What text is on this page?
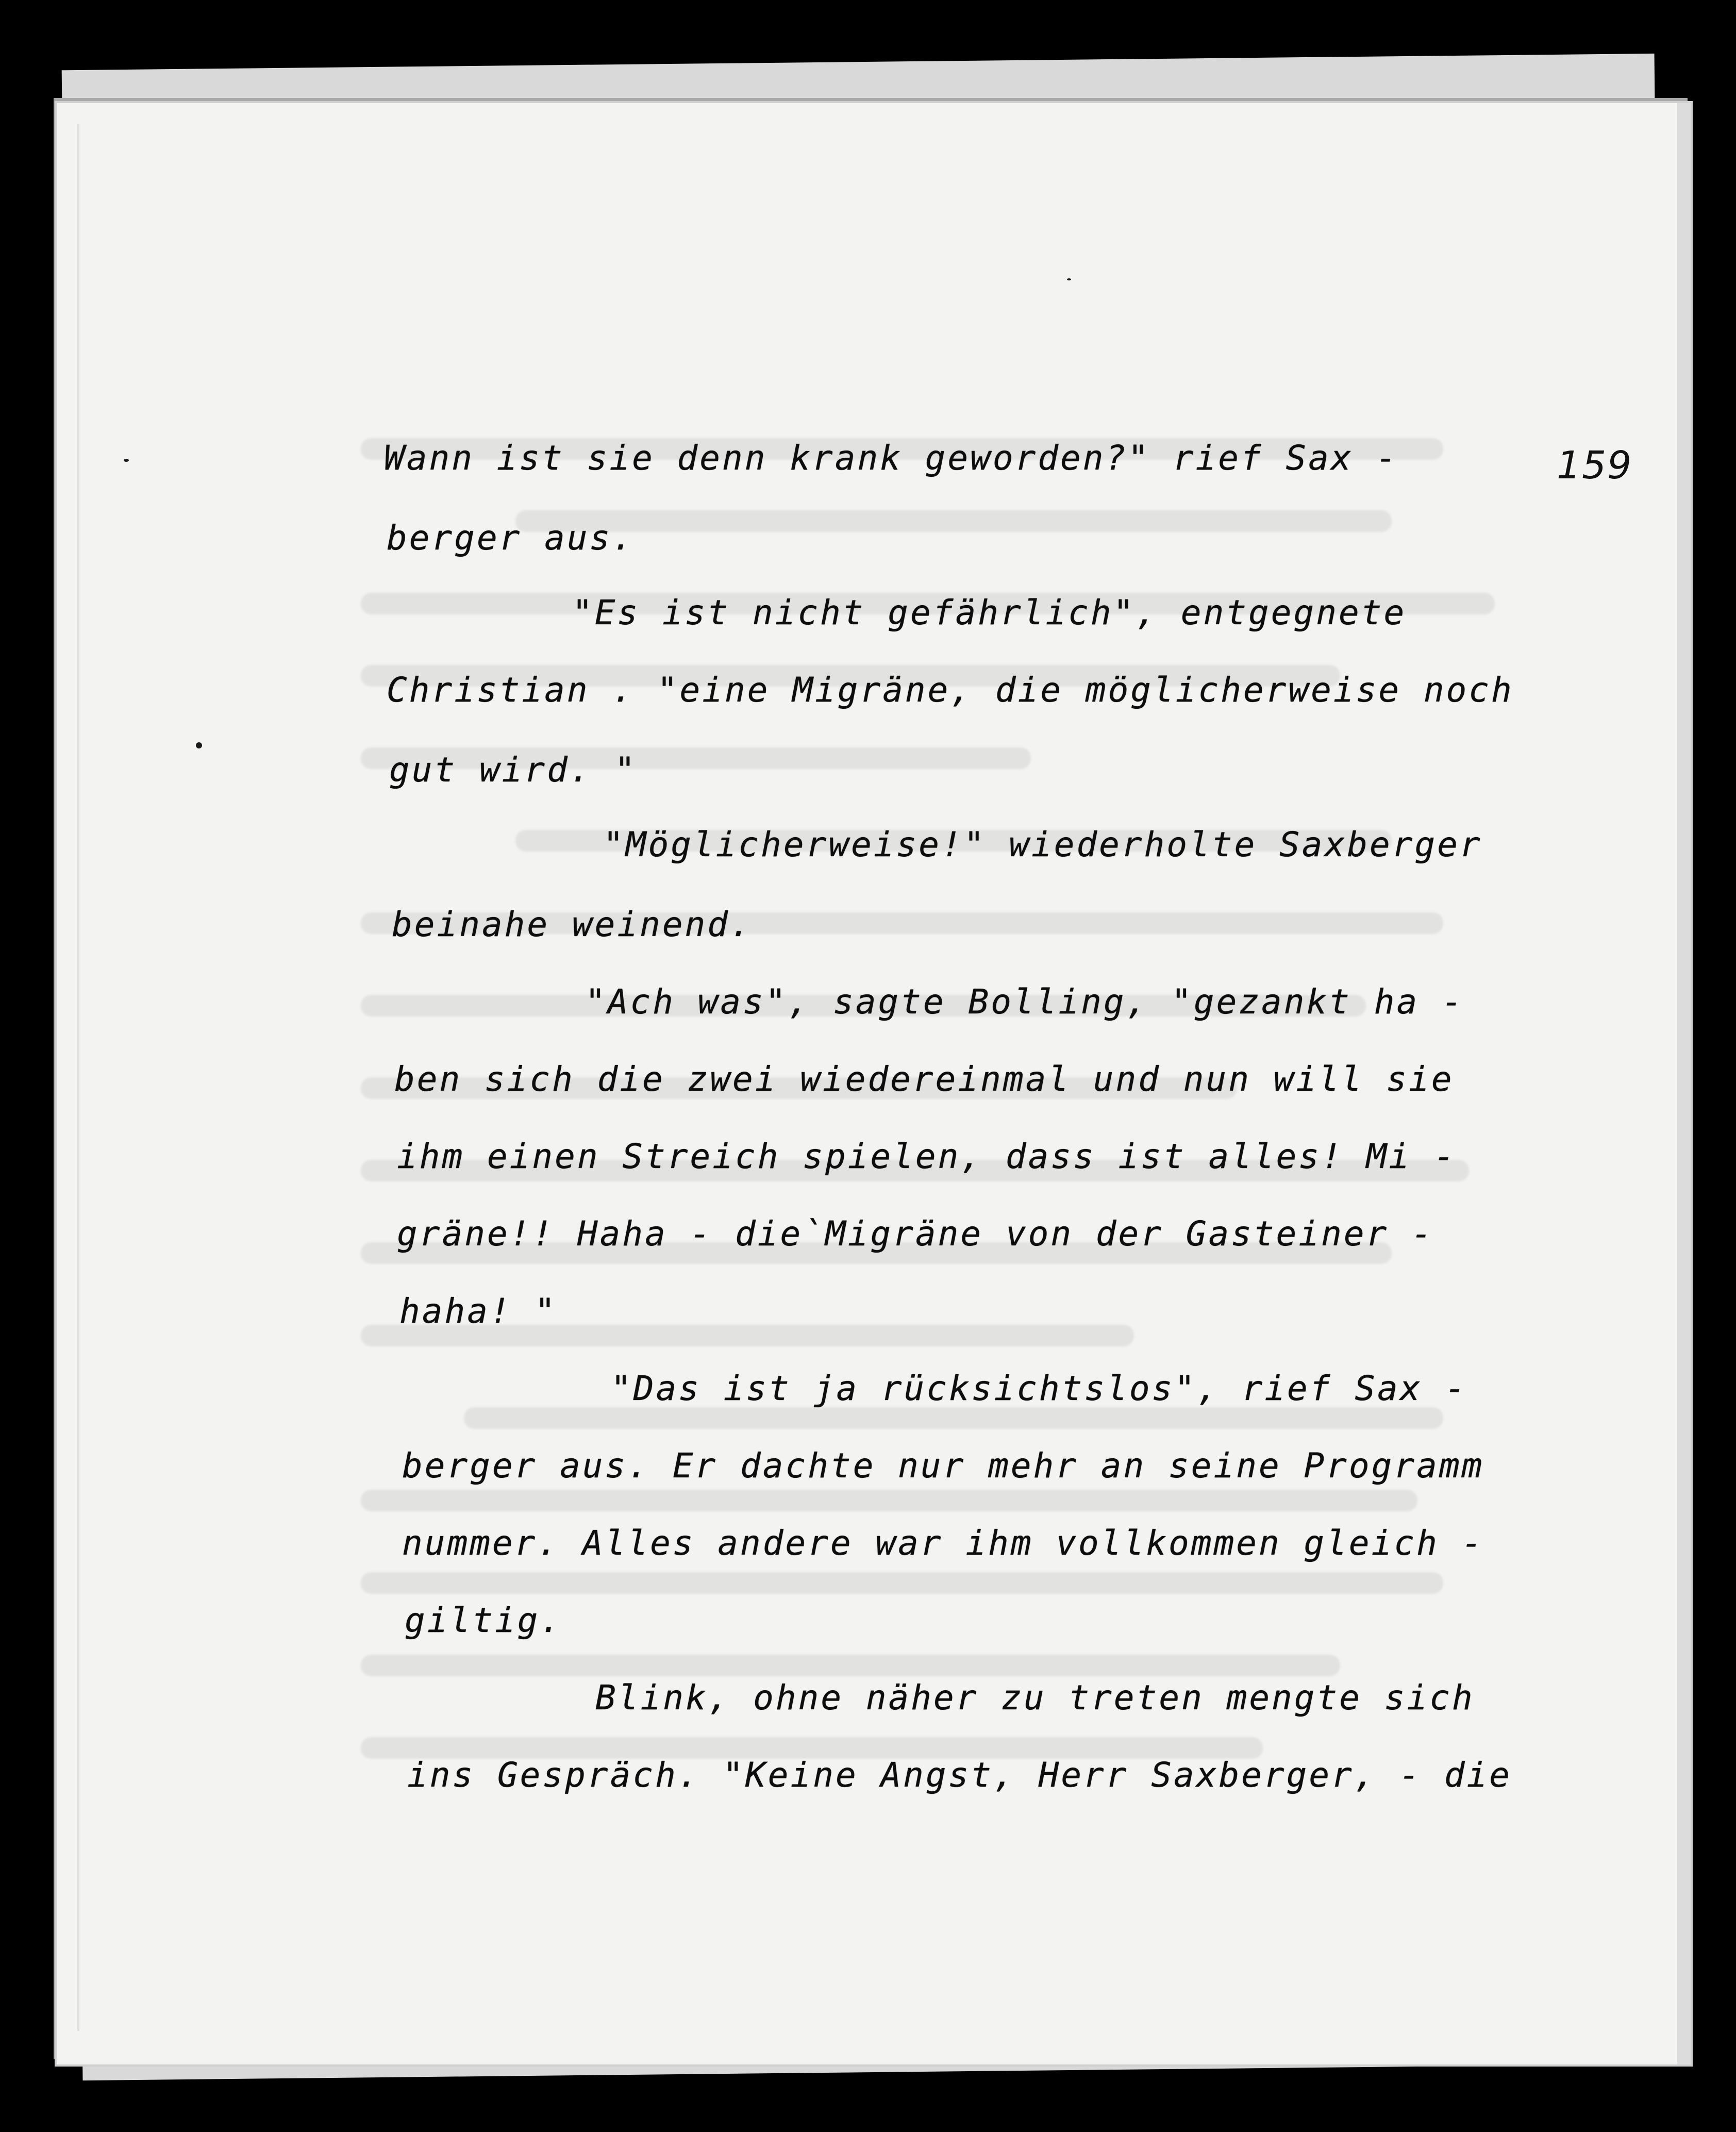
159
Wann ist sie denn krank geworden?" rief Sax -
berger aus.
"Es ist nicht gefährlich", entgegnete
Christian . "eine Migräne, die möglicherweise noch
gut wird. "
"Möglicherweise!" wiederholte Saxberger
beinahe weinend.
"Ach was", sagte Bolling, "gezankt ha -
ben sich die zwei wiedereinmal und nun will sie
ihm einen Streich spielen, dass ist alles! Mi -
gräne!! Haha - die`Migräne von der Gasteiner -
haha! "
"Das ist ja rücksichtslos", rief Sax -
berger aus. Er dachte nur mehr an seine Programm
nummer. Alles andere war ihm vollkommen gleich -
giltig.
Blink, ohne näher zu treten mengte sich
ins Gespräch. "Keine Angst, Herr Saxberger, - die
